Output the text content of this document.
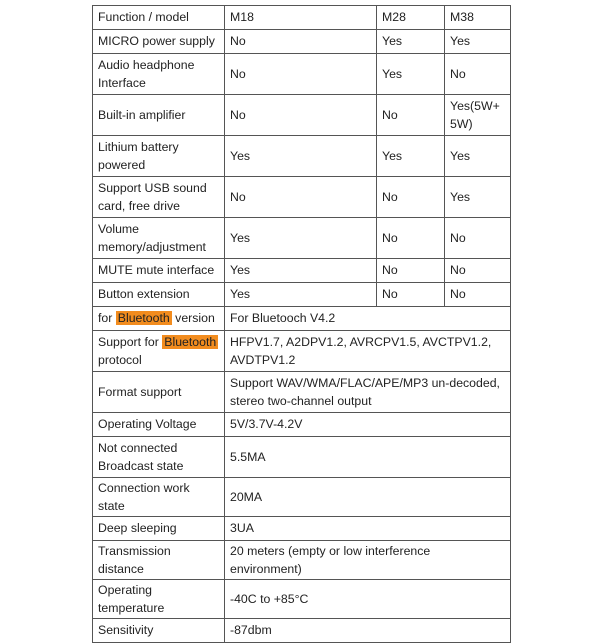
Function / model	M18	M28	M38
MICRO power supply	No	Yes	Yes
Audio headphone Interface	No	Yes	No
Built-in amplifier	No	No	Yes(5W+5W)
Lithium battery powered	Yes	Yes	Yes
Support USB sound card, free drive	No	No	Yes
Volume memory/adjustment	Yes	No	No
MUTE mute interface	Yes	No	No
Button extension	Yes	No	No
for Bluetooth version	For Bluetooch V4.2		
Support for Bluetooth protocol	HFPV1.7, A2DPV1.2, AVRCPV1.5, AVCTPV1.2, AVDTPV1.2		
Format support	Support WAV/WMA/FLAC/APE/MP3 un-decoded, stereo two-channel output		
Operating Voltage	5V/3.7V-4.2V		
Not connected Broadcast state	5.5MA		
Connection work state	20MA		
Deep sleeping	3UA		
Transmission distance	20 meters (empty or low interference environment)		
Operating temperature	-40C to +85°C		
Sensitivity	-87dbm		
